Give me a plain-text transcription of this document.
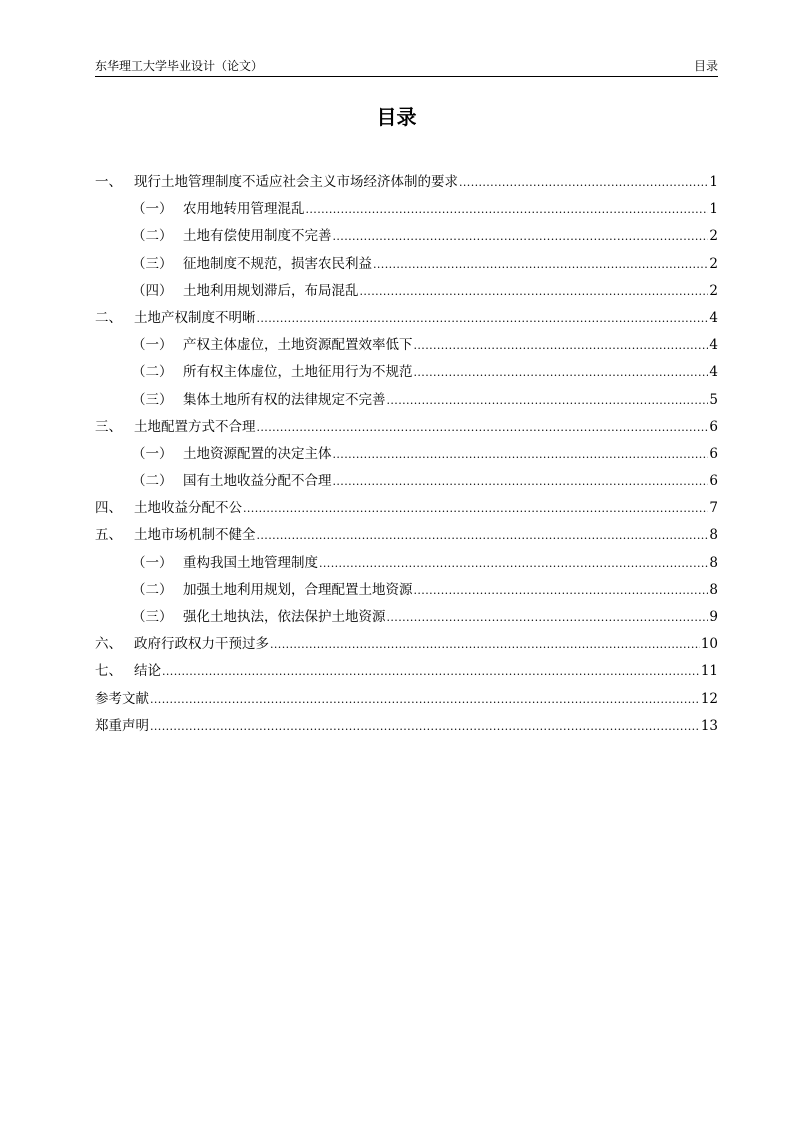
东华理工大学毕业设计（论文）	目录
目录
一、 现行土地管理制度不适应社会主义市场经济体制的要求 .....	1
（一） 农用地转用管理混乱 .....	1
（二） 土地有偿使用制度不完善 .....	2
（三） 征地制度不规范，损害农民利益 .....	2
（四） 土地利用规划滞后，布局混乱 .....	2
二、 土地产权制度不明晰 .....	4
（一） 产权主体虚位，土地资源配置效率低下 .....	4
（二） 所有权主体虚位，土地征用行为不规范 .....	4
（三） 集体土地所有权的法律规定不完善 .....	5
三、 土地配置方式不合理 .....	6
（一） 土地资源配置的决定主体 .....	6
（二） 国有土地收益分配不合理 .....	6
四、 土地收益分配不公 .....	7
五、 土地市场机制不健全 .....	8
（一） 重构我国土地管理制度 .....	8
（二） 加强土地利用规划，合理配置土地资源 .....	8
（三） 强化土地执法，依法保护土地资源 .....	9
六、 政府行政权力干预过多 .....	10
七、 结论 .....	11
参考文献 .....	12
郑重声明 .....	13
